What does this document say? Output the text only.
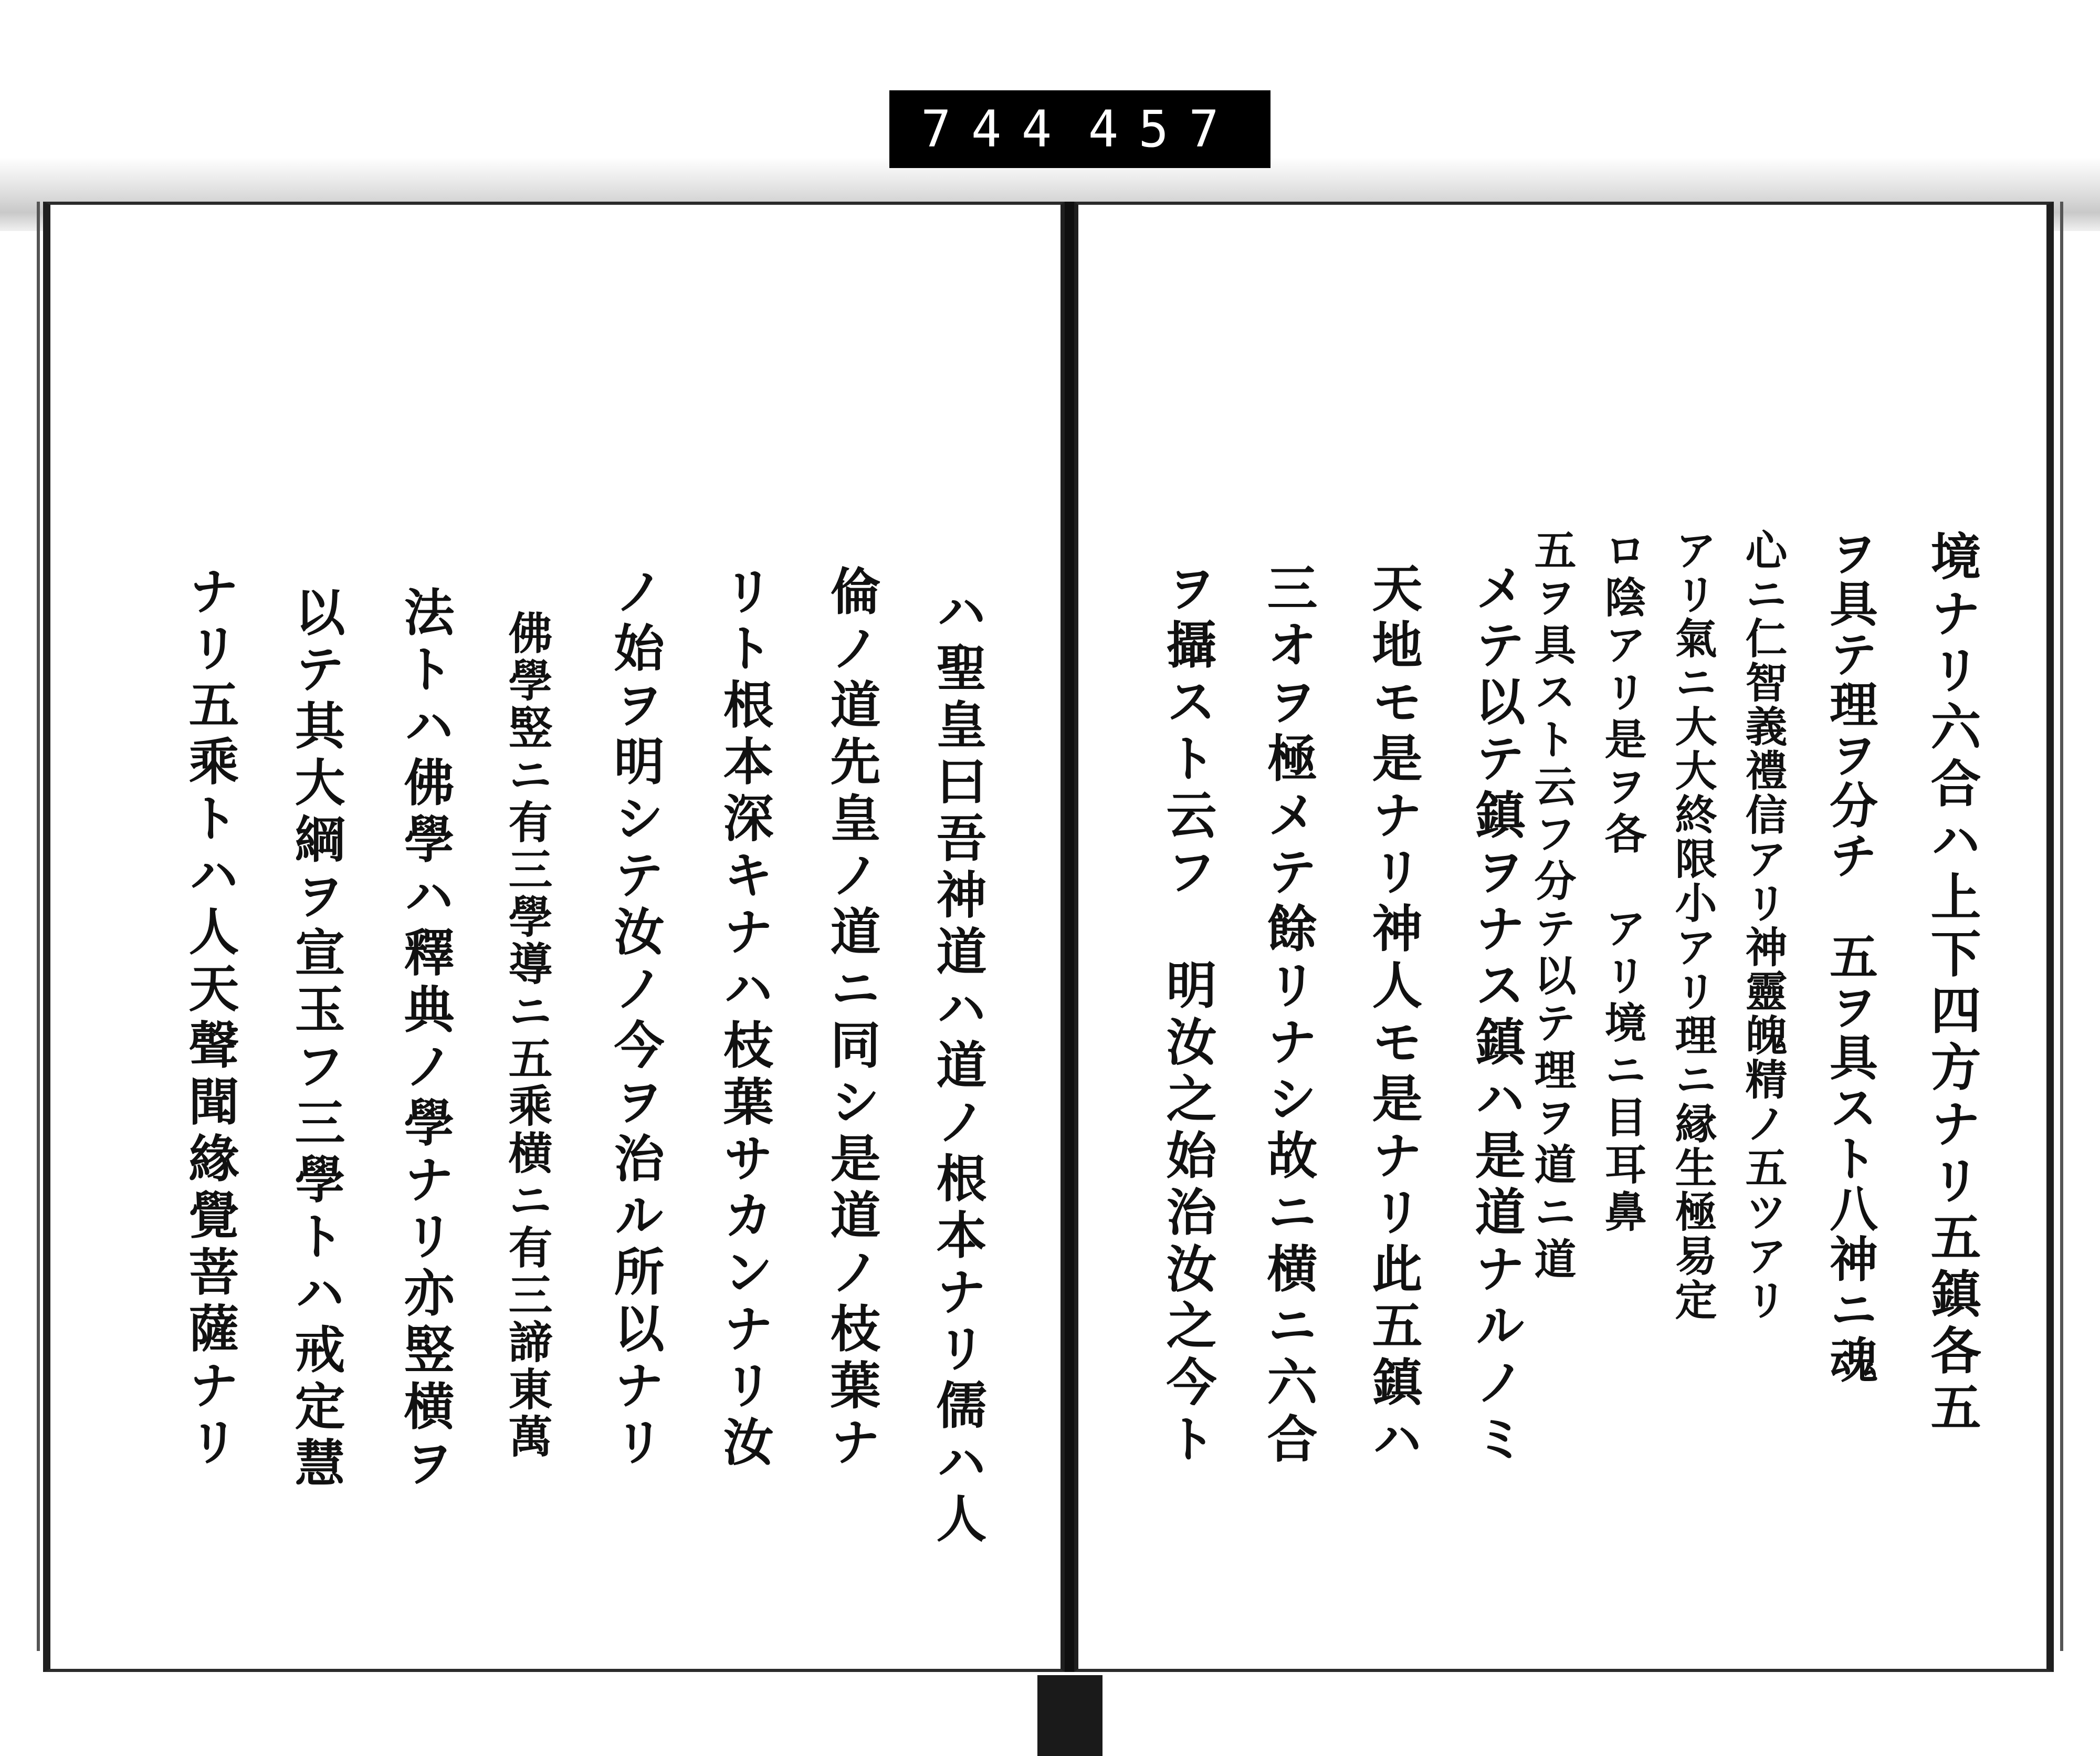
744 457
ハ聖皇曰吾神道ハ道ノ根本ナリ儒ハ人
倫ノ道先皇ノ道ニ同シ是道ノ枝葉ナ
リト根本深キナハ枝葉サカンナリ汝
ノ始ヲ明シテ汝ノ今ヲ治ル所以ナリ
佛學竪ニ有三學導ニ五乘横ニ有三諦東萬
法トハ佛學ハ釋典ノ學ナリ亦竪横ヲ
以テ其大綱ヲ宣玉フ三學トハ戒定慧
ナリ五乘トハ人天聲聞緣覺菩薩ナリ	境ナリ六合ハ上下四方ナリ五鎮各五
ヲ具テ理ヲ分チ　五ヲ具スト八神ニ魂
心ニ仁智義禮信アリ神靈魄精ノ五ツアリ
アリ氣ニ大大終限小アリ理ニ縁生極易定
ロ陰アリ是ヲ各　アリ境ニ目耳鼻
五ヲ具スト云フ分テ以テ理ヲ道ニ道
メテ以テ鎮ヲナス鎮ハ是道ナルノミ
天地モ是ナリ神人モ是ナリ此五鎮ハ
三オヲ極メテ餘リナシ故ニ横ニ六合
ヲ攝スト云フ　明汝之始治汝之今ト
